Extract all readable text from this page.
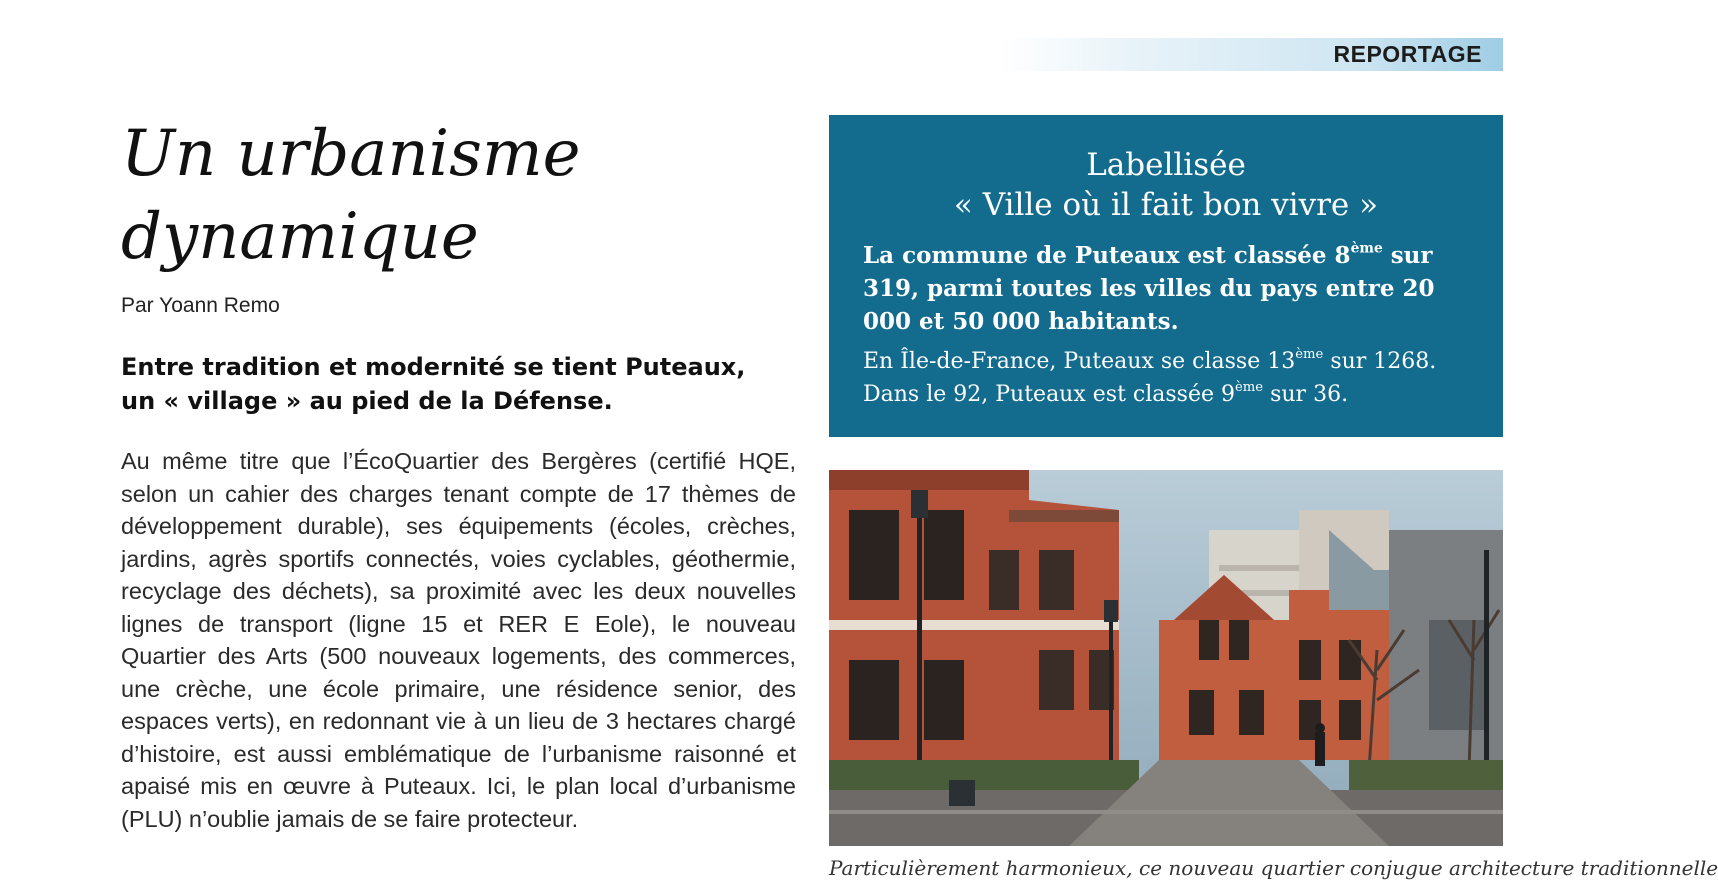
REPORTAGE
Un urbanisme
dynamique
Par Yoann Remo

Entre tradition et modernité se tient Puteaux,
un « village » au pied de la Défense.

Au même titre que l’ÉcoQuartier des Bergères (certifié HQE, selon un cahier des charges tenant compte de 17 thèmes de développement durable), ses équipements (écoles, crèches, jardins, agrès sportifs connectés, voies cyclables, géothermie, recyclage des déchets), sa proximité avec les deux nouvelles lignes de transport (ligne 15 et RER E Eole), le nouveau Quartier des Arts (500 nouveaux logements, des commerces, une crèche, une école primaire, une résidence senior, des espaces verts), en redonnant vie à un lieu de 3 hectares chargé d’histoire, est aussi emblématique de l’urbanisme raisonné et apaisé mis en œuvre à Puteaux. Ici, le plan local d’urbanisme (PLU) n’oublie jamais de se faire protecteur.

Labellisée
« Ville où il fait bon vivre »

La commune de Puteaux est classée 8ème sur 319, parmi toutes les villes du pays entre 20 000 et 50 000 habitants.

En Île-de-France, Puteaux se classe 13ème sur 1268.
Dans le 92, Puteaux est classée 9ème sur 36.

Particulièrement harmonieux, ce nouveau quartier conjugue architecture traditionnelle
